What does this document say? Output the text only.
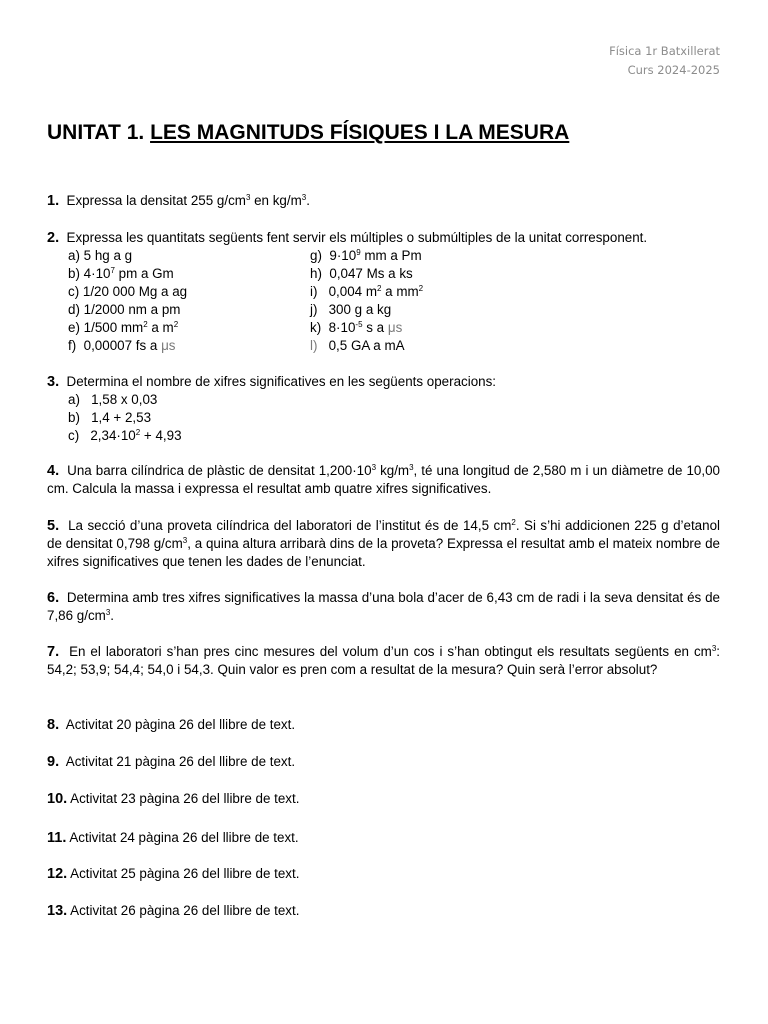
Física 1r Batxillerat
Curs 2024-2025
UNITAT 1. LES MAGNITUDS FÍSIQUES I LA MESURA
1. Expressa la densitat 255 $g/cm^3$ en $kg/m^3$.
2. Expressa les quantitats següents fent servir els múltiples o submúltiples de la unitat corresponent.
a) 5 hg a g	g) $9\cdot 10^9$ mm a Pm
b) $4\cdot 10^7$ pm a Gm	h) 0,047 Ms a ks
c) 1/20 000 Mg a ag	i) 0,004 $m^2$ a $mm^2$
d) 1/2000 nm a pm	j) 300 g a kg
e) 1/500 $mm^2$ a $m^2$	k) $8\cdot 10^{-5}$ s a μs
f) 0,00007 fs a μs	l) 0,5 GA a mA
3. Determina el nombre de xifres significatives en les següents operacions:
a) 1,58 x 0,03
b) 1,4 + 2,53
c) $2,34\cdot 10^2 + 4,93$
4. Una barra cilíndrica de plàstic de densitat $1,200\cdot 10^3$ $kg/m^3$, té una longitud de 2,580 m i un diàmetre de 10,00 cm. Calcula la massa i expressa el resultat amb quatre xifres significatives.
5. La secció d’una proveta cilíndrica del laboratori de l’institut és de 14,5 $cm^2$. Si s’hi addicionen 225 g d’etanol de densitat 0,798 $g/cm^3$, a quina altura arribarà dins de la proveta? Expressa el resultat amb el mateix nombre de xifres significatives que tenen les dades de l’enunciat.
6. Determina amb tres xifres significatives la massa d’una bola d’acer de 6,43 cm de radi i la seva densitat és de 7,86 $g/cm^3$.
7. En el laboratori s’han pres cinc mesures del volum d’un cos i s’han obtingut els resultats següents en $cm^3$: 54,2; 53,9; 54,4; 54,0 i 54,3. Quin valor es pren com a resultat de la mesura? Quin serà l’error absolut?
8. Activitat 20 pàgina 26 del llibre de text.
9. Activitat 21 pàgina 26 del llibre de text.
10. Activitat 23 pàgina 26 del llibre de text.
11. Activitat 24 pàgina 26 del llibre de text.
12. Activitat 25 pàgina 26 del llibre de text.
13. Activitat 26 pàgina 26 del llibre de text.
